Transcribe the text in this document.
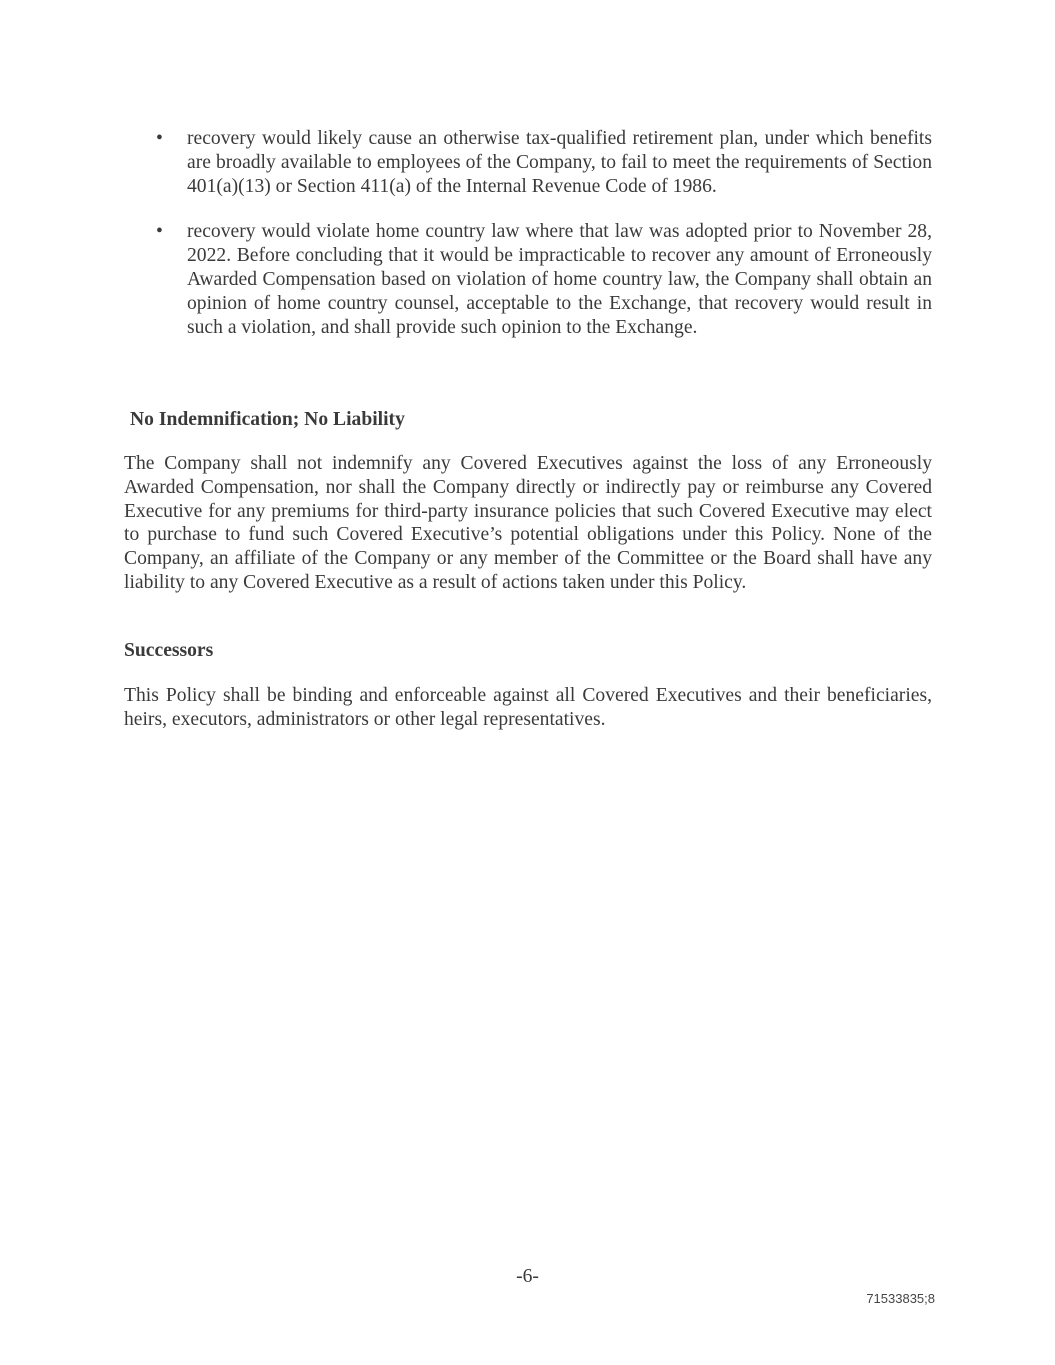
• recovery would likely cause an otherwise tax-qualified retirement plan, under which benefits are broadly available to employees of the Company, to fail to meet the requirements of Section 401(a)(13) or Section 411(a) of the Internal Revenue Code of 1986.
• recovery would violate home country law where that law was adopted prior to November 28, 2022. Before concluding that it would be impracticable to recover any amount of Erroneously Awarded Compensation based on violation of home country law, the Company shall obtain an opinion of home country counsel, acceptable to the Exchange, that recovery would result in such a violation, and shall provide such opinion to the Exchange.
No Indemnification; No Liability

The Company shall not indemnify any Covered Executives against the loss of any Erroneously Awarded Compensation, nor shall the Company directly or indirectly pay or reimburse any Covered Executive for any premiums for third-party insurance policies that such Covered Executive may elect to purchase to fund such Covered Executive’s potential obligations under this Policy. None of the Company, an affiliate of the Company or any member of the Committee or the Board shall have any liability to any Covered Executive as a result of actions taken under this Policy.

Successors

This Policy shall be binding and enforceable against all Covered Executives and their beneficiaries, heirs, executors, administrators or other legal representatives.

-6-
71533835;8
